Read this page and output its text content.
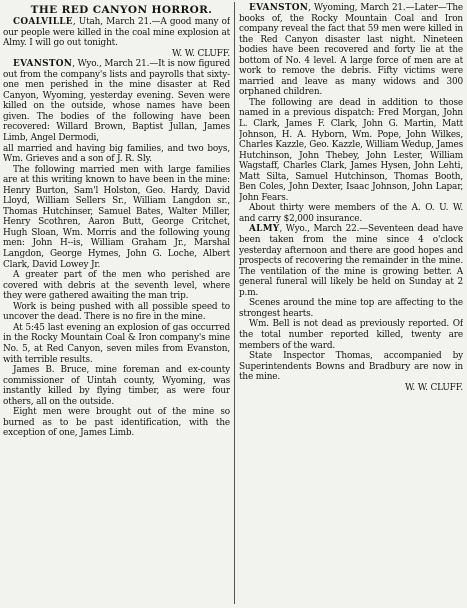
THE RED CANYON HORROR.

COALVILLE, Utah, March 21.—A good many of our people were killed in the coal mine explosion at Almy. I will go out tonight.

W. W. CLUFF.

EVANSTON, Wyo., March 21.—It is now figured out from the company's lists and payrolls that sixty-one men perished in the mine disaster at Red Canyon, Wyoming, yesterday evening. Seven were killed on the outside, whose names have been given. The bodies of the following have been recovered: Willard Brown, Baptist Jullan, James Limb, Angel Dermodi,

all married and having big families, and two boys, Wm. Grieves and a son of J. R. Sly.

The following married men with large families are at this writing known to have been in the mine: Henry Burton, Sam'l Holston, Geo. Hardy, David Lloyd, William Sellers Sr., William Langdon sr., Thomas Hutchinser, Samuel Bates, Walter Miller, Henry Scothren, Aaron Butt, George Critchet, Hugh Sloan, Wm. Morris and the following young men: John H--is, William Graham Jr., Marshal Langdon, George Hymes, John G. Loche, Albert Clark, David Lowey Jr.

A greater part of the men who perished are covered with debris at the seventh level, where they were gathered awaiting the man trip.

Work is being pushed with all possible speed to uncover the dead. There is no fire in the mine.

At 5:45 last evening an explosion of gas occurred in the Rocky Mountain Coal & Iron company's mine No. 5, at Red Canyon, seven miles from Evanston, with terrible results.

James B. Bruce, mine foreman and ex-county commissioner of Uintah county, Wyoming, was instantly killed by flying timber, as were four others, all on the outside.

Eight men were brought out of the mine so burned as to be past identification, with the exception of one, James Limb.

EVANSTON, Wyoming, March 21.—Later—The books of, the Rocky Mountain Coal and Iron company reveal the fact that 59 men were killed in the Red Canyon disaster last night. Nineteen bodies have been recovered and forty lie at the bottom of No. 4 level. A large force of men are at work to remove the debris. Fifty victims were married and leave as many widows and 300 orphaned children.

The following are dead in addition to those named in a previous dispatch: Fred Morgan, John L. Clark, James F. Clark, John G. Martin, Matt Johnson, H. A. Hyborn, Wm. Pope, John Wilkes, Charles Kazzle, Geo. Kazzle, William Wedup, James Hutchinson, John Thebey, John Lester, William Wagstaff, Charles Clark, James Hysen, John Lehti, Matt Silta, Samuel Hutchinson, Thomas Booth, Ben Coles, John Dexter, Isaac Johnson, John Lapar, John Fears.

About thirty were members of the A. O. U. W. and carry $2,000 insurance.

ALMY, Wyo., March 22.—Seventeen dead have been taken from the mine since 4 o'clock yesterday afternoon and there are good hopes and prospects of recovering the remainder in the mine. The ventilation of the mine is growing better. A general funeral will likely be held on Sunday at 2 p.m.

Scenes around the mine top are affecting to the strongest hearts.

Wm. Bell is not dead as previously reported. Of the total number reported killed, twenty are members of the ward.

State Inspector Thomas, accompanied by Superintendents Bowns and Bradbury are now in the mine.

W. W. CLUFF.
